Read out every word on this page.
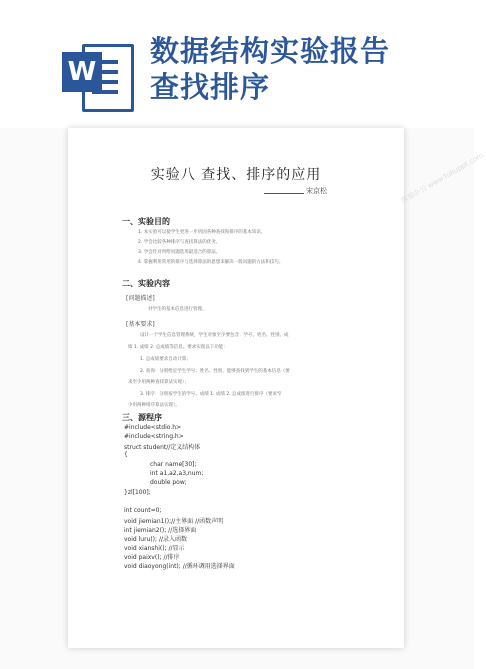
W
数据结构实验报告
查找排序
实验八 查找、排序的应用
宋京松
一、实验目的
1. 本实验可以使学生更进一步巩固各种查找和排序的基本知识。
2. 学会比较各种排序与查找算法的优劣。
3. 学会针对所给问题选用最适合的算法。
4. 掌握利用常用的排序与选择算法的思想来解决一般问题的方法和技巧。
二、实验内容
[问题描述]
对学生的基本信息进行管理。
[基本要求]
设计一个学生信息管理系统，学生对象至少要包含：学号、姓名、性别、成
绩 1. 成绩 2. 总成绩等信息。要求实现以下功能：
1. 总成绩要求自动计算；
2. 查询：分别给定学生学号、姓名、性别，能够查找到学生的基本信息（要
求至少用两种查找算法实现）；
3. 排序：分别按学生的学号、成绩 1. 成绩 2. 总成绩进行排序（要求至
少用两种排序算法实现）。
三、源程序
#include<stdio.h>
#include<string.h>
struct student//定义结构体
{
char name[30];
int a1,a2,a3,num;
double pow;
}zl[100];
int count=0;
void jiemian1();//主界面 //函数声明
int jiemian2(); //选择界面
void luru(); //录入函数
void xianshi(); //显示
void paixv(); //排序
void diaoyong(int); //循环调用选择界面
熊猫办公 www.tukuppt.com
